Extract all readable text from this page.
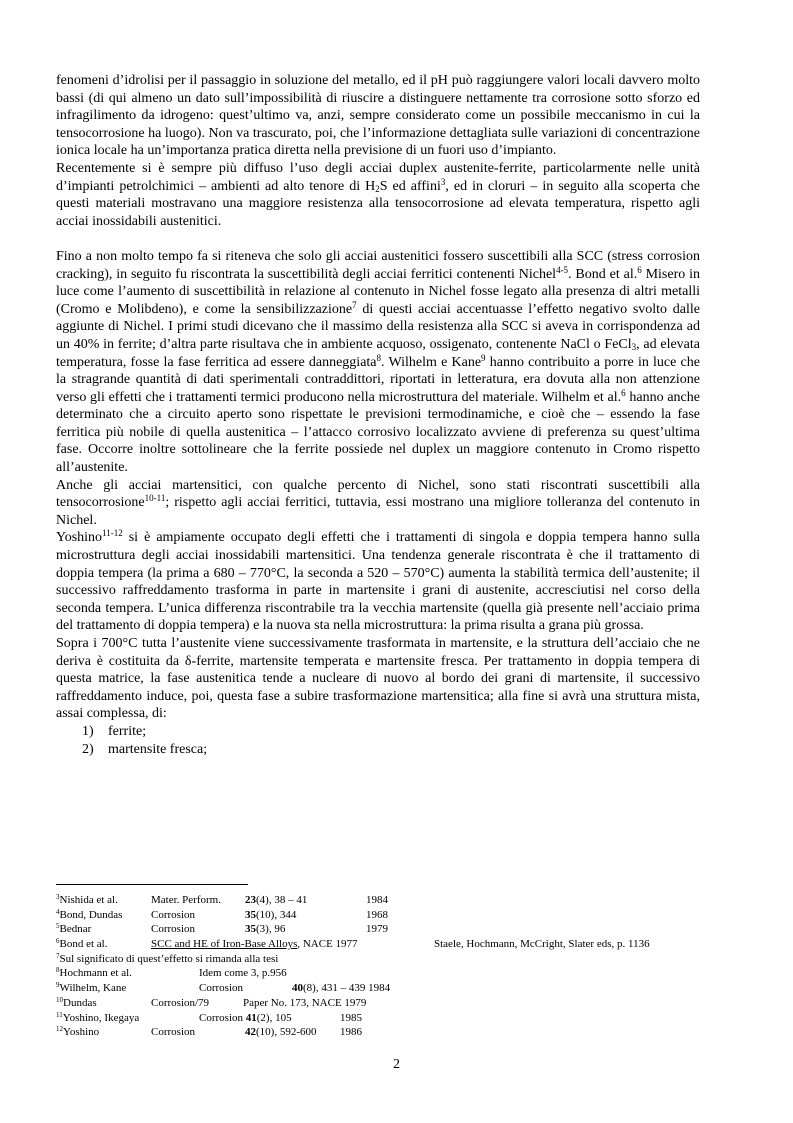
fenomeni d’idrolisi per il passaggio in soluzione del metallo, ed il pH può raggiungere valori locali davvero molto bassi (di qui almeno un dato sull’impossibilità di riuscire a distinguere nettamente tra corrosione sotto sforzo ed infragilimento da idrogeno: quest’ultimo va, anzi, sempre considerato come un possibile meccanismo in cui la tensocorrosione ha luogo). Non va trascurato, poi, che l’informazione dettagliata sulle variazioni di concentrazione ionica locale ha un’importanza pratica diretta nella previsione di un fuori uso d’impianto.

Recentemente si è sempre più diffuso l’uso degli acciai duplex austenite-ferrite, particolarmente nelle unità d’impianti petrolchimici – ambienti ad alto tenore di $H_2S$ ed affini$^3$, ed in cloruri – in seguito alla scoperta che questi materiali mostravano una maggiore resistenza alla tensocorrosione ad elevata temperatura, rispetto agli acciai inossidabili austenitici.

Fino a non molto tempo fa si riteneva che solo gli acciai austenitici fossero suscettibili alla SCC (stress corrosion cracking), in seguito fu riscontrata la suscettibilità degli acciai ferritici contenenti Nichel$^{4-5}$. Bond et al.$^6$ Misero in luce come l’aumento di suscettibilità in relazione al contenuto in Nichel fosse legato alla presenza di altri metalli (Cromo e Molibdeno), e come la sensibilizzazione$^7$ di questi acciai accentuasse l’effetto negativo svolto dalle aggiunte di Nichel. I primi studi dicevano che il massimo della resistenza alla SCC si aveva in corrispondenza ad un 40% in ferrite; d’altra parte risultava che in ambiente acquoso, ossigenato, contenente NaCl o FeCl$_3$, ad elevata temperatura, fosse la fase ferritica ad essere danneggiata$^8$. Wilhelm e Kane$^9$ hanno contribuito a porre in luce che la stragrande quantità di dati sperimentali contraddittori, riportati in letteratura, era dovuta alla non attenzione verso gli effetti che i trattamenti termici producono nella microstruttura del materiale. Wilhelm et al.$^6$ hanno anche determinato che a circuito aperto sono rispettate le previsioni termodinamiche, e cioè che – essendo la fase ferritica più nobile di quella austenitica – l’attacco corrosivo localizzato avviene di preferenza su quest’ultima fase. Occorre inoltre sottolineare che la ferrite possiede nel duplex un maggiore contenuto in Cromo rispetto all’austenite.

Anche gli acciai martensitici, con qualche percento di Nichel, sono stati riscontrati suscettibili alla tensocorrosione$^{10-11}$; rispetto agli acciai ferritici, tuttavia, essi mostrano una migliore tolleranza del contenuto in Nichel.

Yoshino$^{11-12}$ si è ampiamente occupato degli effetti che i trattamenti di singola e doppia tempera hanno sulla microstruttura degli acciai inossidabili martensitici. Una tendenza generale riscontrata è che il trattamento di doppia tempera (la prima a 680 – 770°C, la seconda a 520 – 570°C) aumenta la stabilità termica dell’austenite; il successivo raffreddamento trasforma in parte in martensite i grani di austenite, accresciutisi nel corso della seconda tempera. L’unica differenza riscontrabile tra la vecchia martensite (quella già presente nell’acciaio prima del trattamento di doppia tempera) e la nuova sta nella microstruttura: la prima risulta a grana più grossa.

Sopra i 700°C tutta l’austenite viene successivamente trasformata in martensite, e la struttura dell’acciaio che ne deriva è costituita da δ-ferrite, martensite temperata e martensite fresca. Per trattamento in doppia tempera di questa matrice, la fase austenitica tende a nucleare di nuovo al bordo dei grani di martensite, il successivo raffreddamento induce, poi, questa fase a subire trasformazione martensitica; alla fine si avrà una struttura mista, assai complessa, di:

1)	ferrite;
2)	martensite fresca;
$^3$Nishida et al.	Mater. Perform. 23(4), 38 – 41	1984
$^4$Bond, Dundas	Corrosion	35(10), 344	1968
$^5$Bednar	Corrosion	35(3), 96	1979
$^6$Bond et al.	SCC and HE of Iron-Base Alloys, NACE 1977	Staele, Hochmann, McCright, Slater eds, p. 1136
$^7$Sul significato di quest’effetto si rimanda alla tesi
$^8$Hochmann et al.	Idem come 3, p.956
$^9$Wilhelm, Kane	Corrosion	40(8), 431 – 439 1984
$^{10}$Dundas	Corrosion/79	Paper No. 173, NACE 1979
$^{11}$Yoshino, Ikegaya	Corrosion 41(2), 105	1985
$^{12}$Yoshino	Corrosion	42(10), 592-600 1986
2
